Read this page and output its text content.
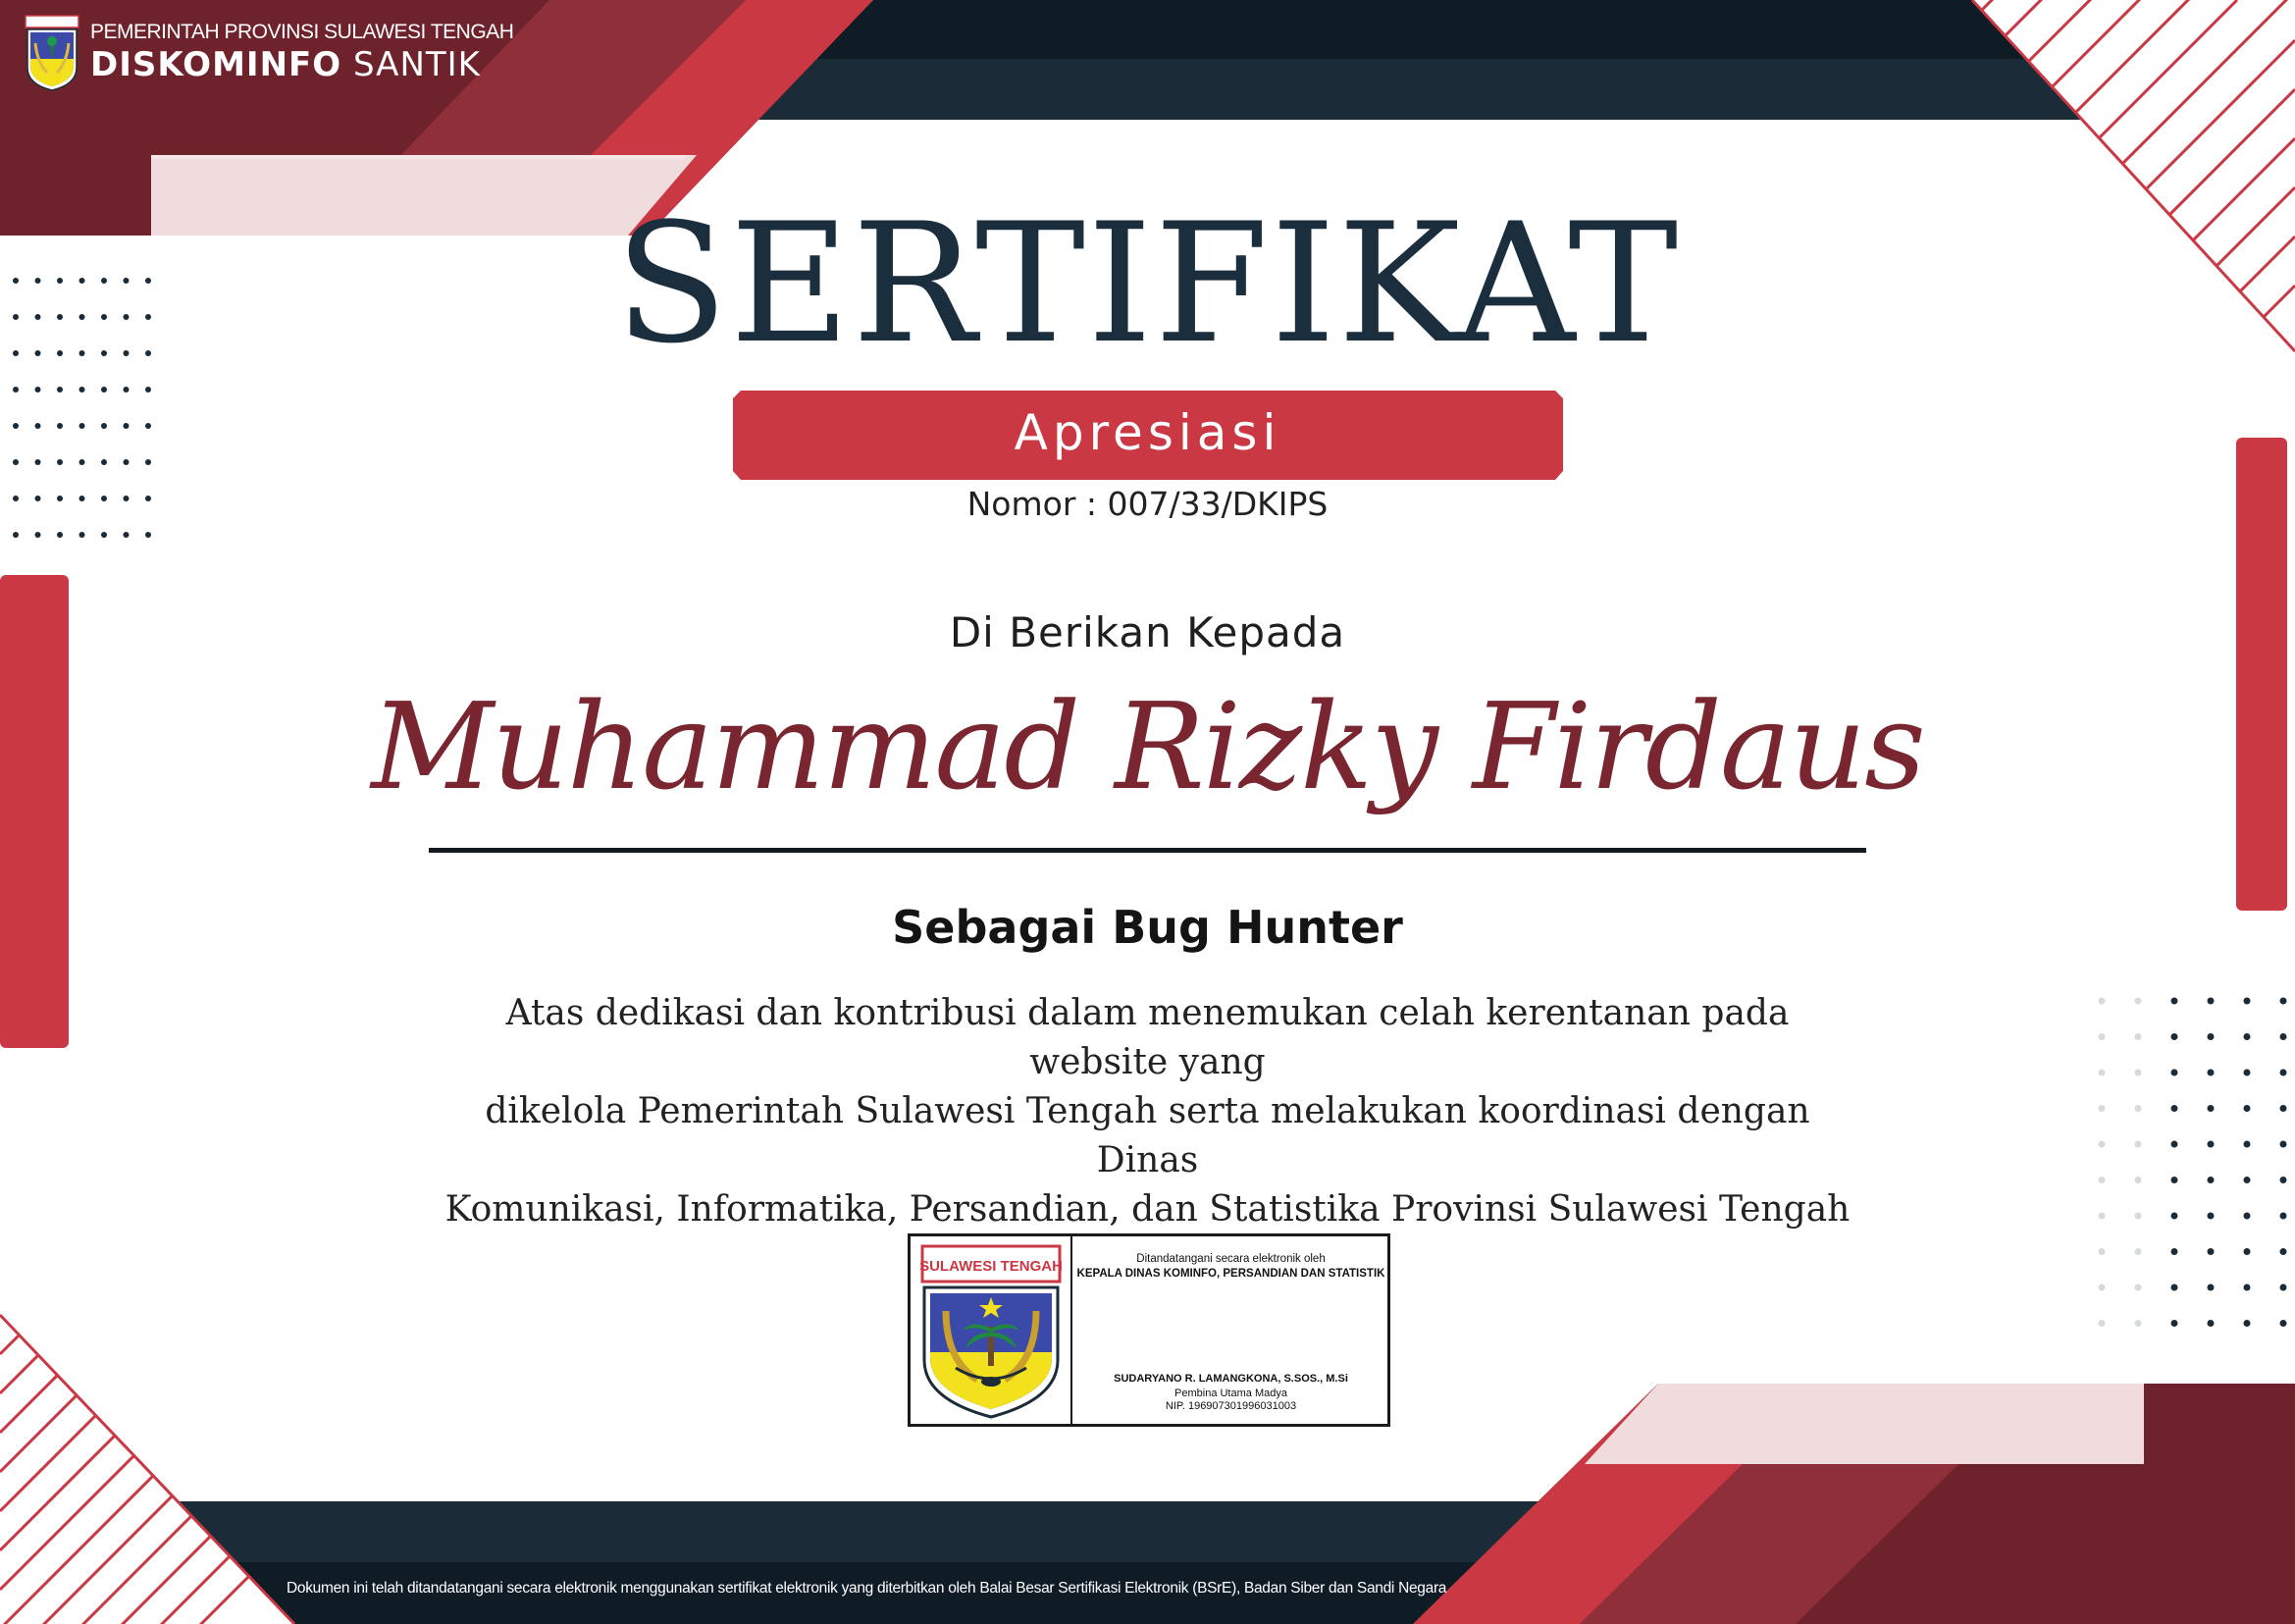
PEMERINTAH PROVINSI SULAWESI TENGAH
DISKOMINFO SANTIK
SERTIFIKAT
Apresiasi
Nomor : 007/33/DKIPS
Di Berikan Kepada
Muhammad Rizky Firdaus
Sebagai Bug Hunter
Atas dedikasi dan kontribusi dalam menemukan celah kerentanan pada website yang
dikelola Pemerintah Sulawesi Tengah serta melakukan koordinasi dengan Dinas
Komunikasi, Informatika, Persandian, dan Statistika Provinsi Sulawesi Tengah
SULAWESI TENGAH	Ditandatangani secara elektronik oleh
KEPALA DINAS KOMINFO, PERSANDIAN DAN STATISTIK
SUDARYANO R. LAMANGKONA, S.SOS., M.Si
Pembina Utama Madya
NIP. 196907301996031003
Dokumen ini telah ditandatangani secara elektronik menggunakan sertifikat elektronik yang diterbitkan oleh Balai Besar Sertifikasi Elektronik (BSrE), Badan Siber dan Sandi Negara
